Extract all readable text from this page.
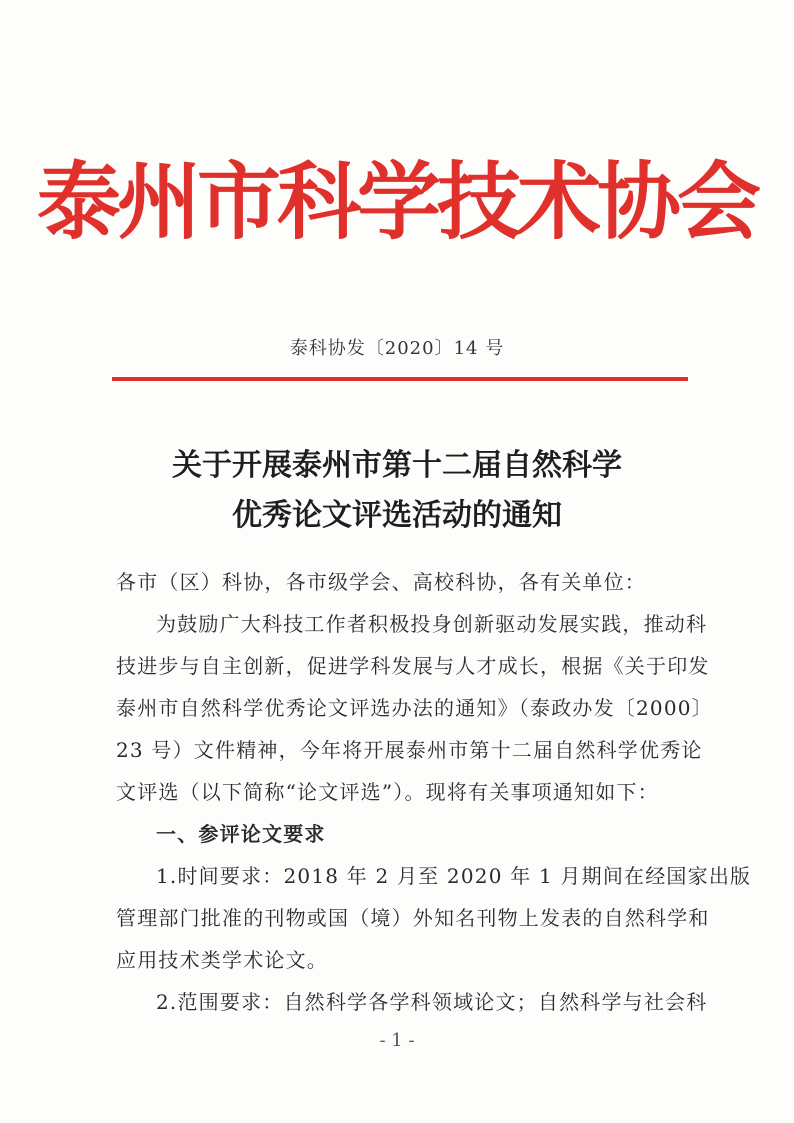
泰州市科学技术协会
泰科协发〔2020〕14 号
关于开展泰州市第十二届自然科学
优秀论文评选活动的通知
各市（区）科协，各市级学会、高校科协，各有关单位：
为鼓励广大科技工作者积极投身创新驱动发展实践，推动科
技进步与自主创新，促进学科发展与人才成长，根据《关于印发
泰州市自然科学优秀论文评选办法的通知》（泰政办发〔2000〕
23 号）文件精神，今年将开展泰州市第十二届自然科学优秀论
文评选（以下简称“论文评选”）。现将有关事项通知如下：
一、参评论文要求
1.时间要求：2018 年 2 月至 2020 年 1 月期间在经国家出版
管理部门批准的刊物或国（境）外知名刊物上发表的自然科学和
应用技术类学术论文。
2.范围要求：自然科学各学科领域论文；自然科学与社会科
- 1 -
